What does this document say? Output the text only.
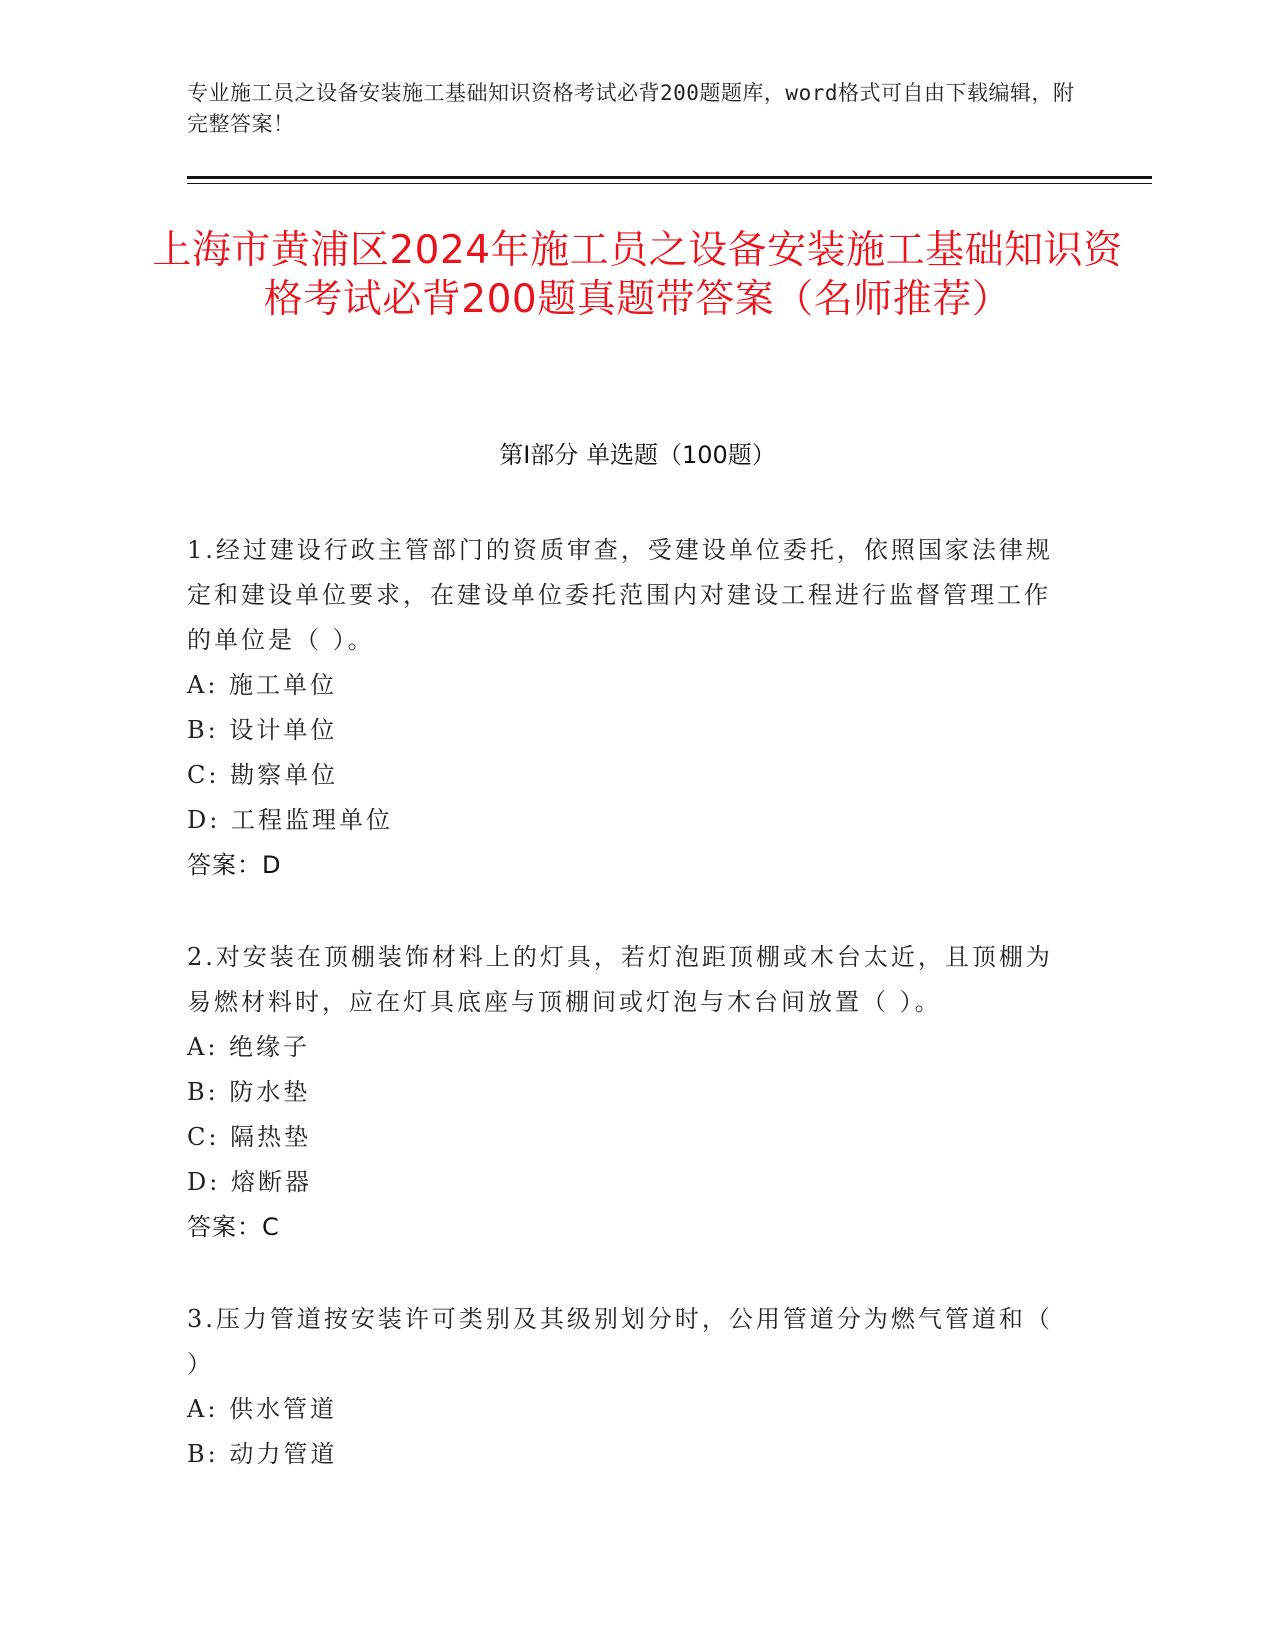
专业施工员之设备安装施工基础知识资格考试必背200题题库，word格式可自由下载编辑，附完整答案！
上海市黄浦区2024年施工员之设备安装施工基础知识资格考试必背200题真题带答案（名师推荐）
第Ⅰ部分 单选题（100题）
1.经过建设行政主管部门的资质审查，受建设单位委托，依照国家法律规定和建设单位要求，在建设单位委托范围内对建设工程进行监督管理工作的单位是（ ）。
A: 施工单位
B: 设计单位
C: 勘察单位
D: 工程监理单位
答案：D
2.对安装在顶棚装饰材料上的灯具，若灯泡距顶棚或木台太近，且顶棚为易燃材料时，应在灯具底座与顶棚间或灯泡与木台间放置（ ）。
A: 绝缘子
B: 防水垫
C: 隔热垫
D: 熔断器
答案：C
3.压力管道按安装许可类别及其级别划分时，公用管道分为燃气管道和（ ）
A: 供水管道
B: 动力管道
